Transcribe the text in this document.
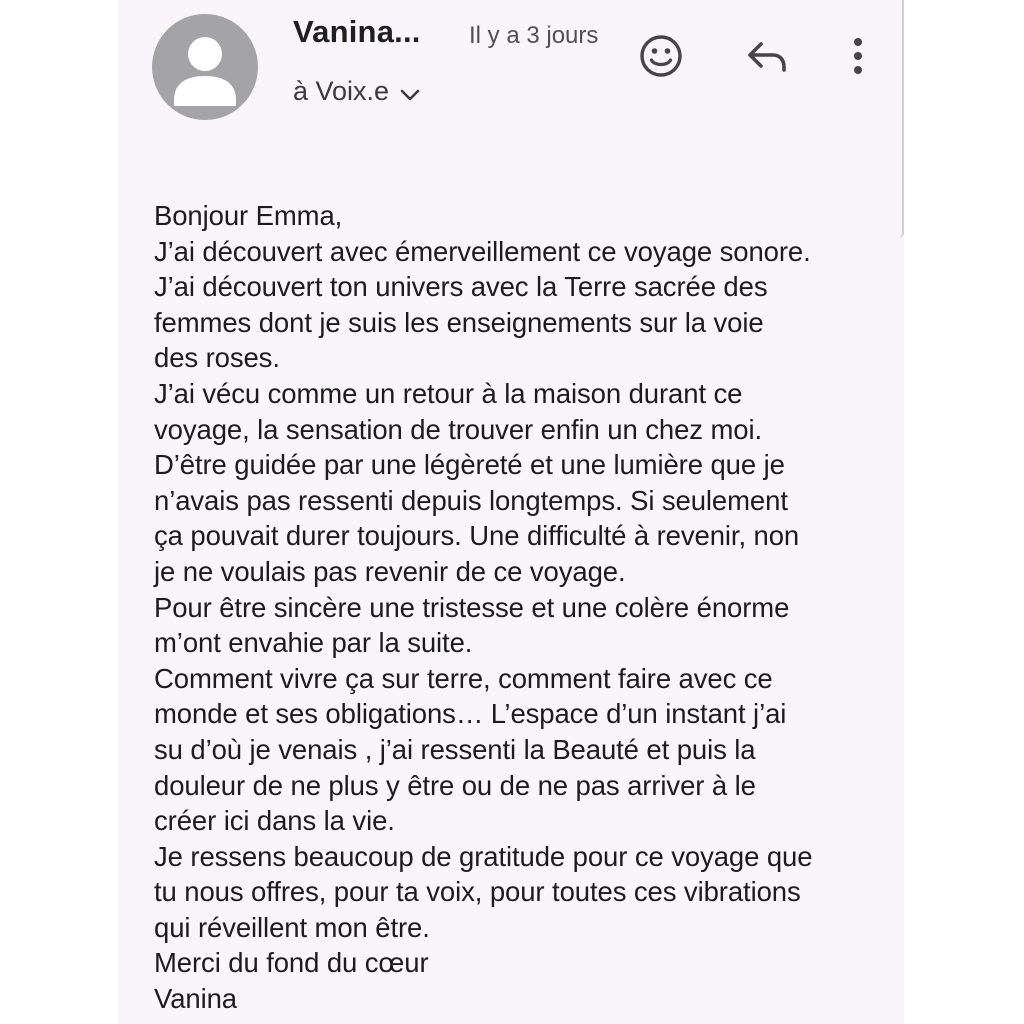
Vanina... Il y a 3 jours
à Voix.e
Bonjour Emma,
J’ai découvert avec émerveillement ce voyage sonore.
J’ai découvert ton univers avec la Terre sacrée des
femmes dont je suis les enseignements sur la voie
des roses.
J’ai vécu comme un retour à la maison durant ce
voyage, la sensation de trouver enfin un chez moi.
D’être guidée par une légèreté et une lumière que je
n’avais pas ressenti depuis longtemps. Si seulement
ça pouvait durer toujours. Une difficulté à revenir, non
je ne voulais pas revenir de ce voyage.
Pour être sincère une tristesse et une colère énorme
m’ont envahie par la suite.
Comment vivre ça sur terre, comment faire avec ce
monde et ses obligations… L’espace d’un instant j’ai
su d’où je venais , j’ai ressenti la Beauté et puis la
douleur de ne plus y être ou de ne pas arriver à le
créer ici dans la vie.
Je ressens beaucoup de gratitude pour ce voyage que
tu nous offres, pour ta voix, pour toutes ces vibrations
qui réveillent mon être.
Merci du fond du cœur
Vanina
